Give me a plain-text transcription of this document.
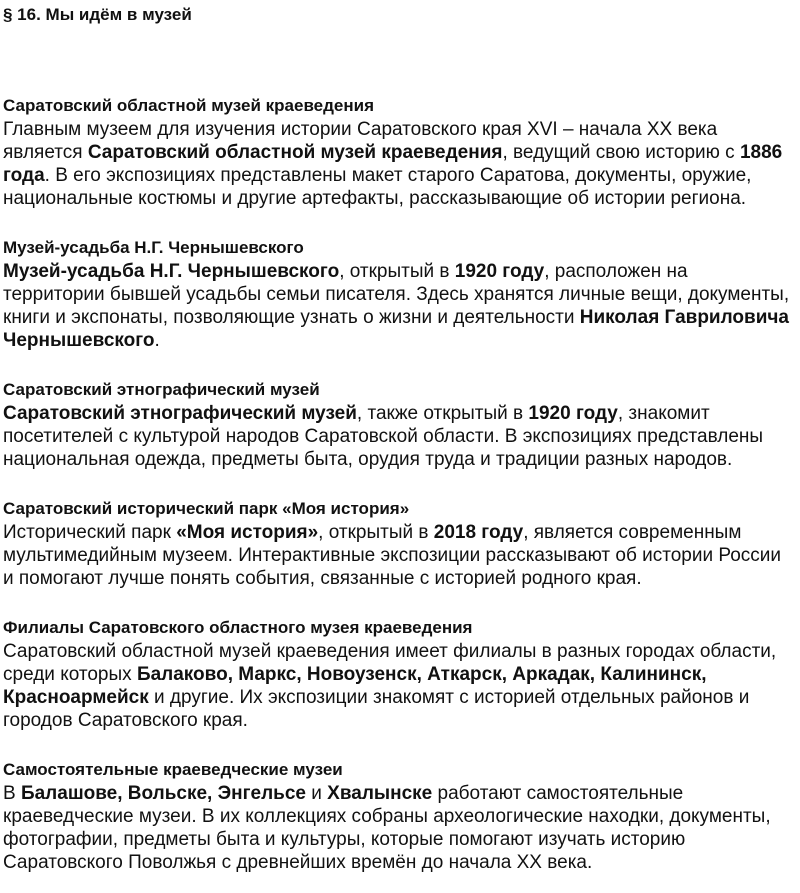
§ 16. Мы идём в музей
Саратовский областной музей краеведения
Главным музеем для изучения истории Саратовского края XVI – начала XX века является Саратовский областной музей краеведения, ведущий свою историю с 1886 года. В его экспозициях представлены макет старого Саратова, документы, оружие, национальные костюмы и другие артефакты, рассказывающие об истории региона.
Музей-усадьба Н.Г. Чернышевского
Музей-усадьба Н.Г. Чернышевского, открытый в 1920 году, расположен на территории бывшей усадьбы семьи писателя. Здесь хранятся личные вещи, документы, книги и экспонаты, позволяющие узнать о жизни и деятельности Николая Гавриловича Чернышевского.
Саратовский этнографический музей
Саратовский этнографический музей, также открытый в 1920 году, знакомит посетителей с культурой народов Саратовской области. В экспозициях представлены национальная одежда, предметы быта, орудия труда и традиции разных народов.
Саратовский исторический парк «Моя история»
Исторический парк «Моя история», открытый в 2018 году, является современным мультимедийным музеем. Интерактивные экспозиции рассказывают об истории России и помогают лучше понять события, связанные с историей родного края.
Филиалы Саратовского областного музея краеведения
Саратовский областной музей краеведения имеет филиалы в разных городах области, среди которых Балаково, Маркс, Новоузенск, Аткарск, Аркадак, Калининск, Красноармейск и другие. Их экспозиции знакомят с историей отдельных районов и городов Саратовского края.
Самостоятельные краеведческие музеи
В Балашове, Вольске, Энгельсе и Хвалынске работают самостоятельные краеведческие музеи. В их коллекциях собраны археологические находки, документы, фотографии, предметы быта и культуры, которые помогают изучать историю Саратовского Поволжья с древнейших времён до начала XX века.
